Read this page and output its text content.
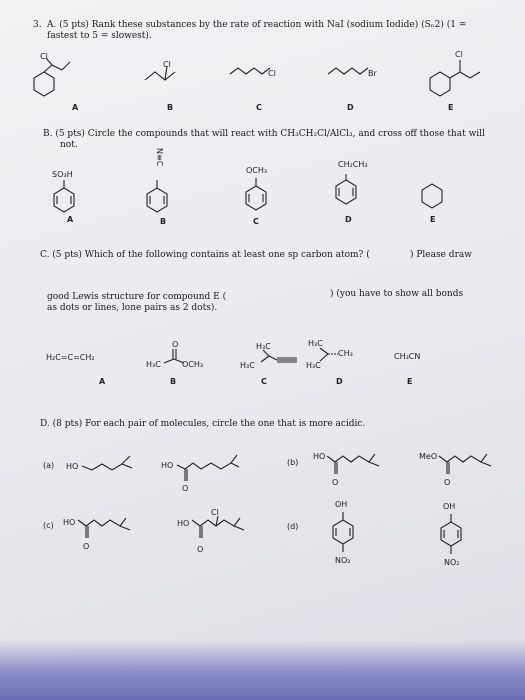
3. A. (5 pts) Rank these substances by the rate of reaction with NaI (sodium Iodide) (Sₙ2) (1 =
fastest to 5 = slowest).
Cl
Cl
Cl	Br
Cl
A	B	C	D	E
B. (5 pts) Circle the compounds that will react with CH₃CH₂Cl/AlCl₃, and cross off those that will
not.
SO₃H
N≡C
OCH₃
CH₂CH₃
A	B	C	D	E
C. (5 pts) Which of the following contains at least one sp carbon atom? (	) Please draw
good Lewis structure for compound E (	) (you have to show all bonds
as dots or lines, lone pairs as 2 dots).
H₂C=C=CH₂
O
H₃C	OCH₃
H₃C
H₃C
H₃C
CH₃
H₃C
CH₃CN
A	B	C	D	E
D. (8 pts) For each pair of molecules, circle the one that is more acidic.
(a) HO	HO
O
(b)
HO
O
MeO
O
(c) HO
O
HO
Cl
O
(d)
OH
NO₂
OH
NO₂
